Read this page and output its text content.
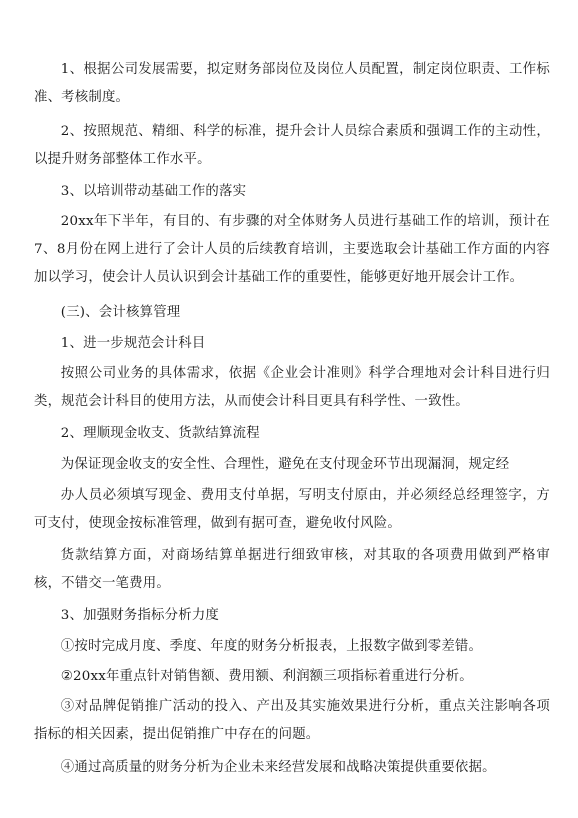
1、根据公司发展需要，拟定财务部岗位及岗位人员配置，制定岗位职责、工作标准、考核制度。

2、按照规范、精细、科学的标准，提升会计人员综合素质和强调工作的主动性，以提升财务部整体工作水平。

3、以培训带动基础工作的落实

20xx年下半年，有目的、有步骤的对全体财务人员进行基础工作的培训，预计在7、8月份在网上进行了会计人员的后续教育培训，主要选取会计基础工作方面的内容加以学习，使会计人员认识到会计基础工作的重要性，能够更好地开展会计工作。

(三)、会计核算管理

1、进一步规范会计科目

按照公司业务的具体需求，依据《企业会计准则》科学合理地对会计科目进行归类，规范会计科目的使用方法，从而使会计科目更具有科学性、一致性。

2、理顺现金收支、货款结算流程

为保证现金收支的安全性、合理性，避免在支付现金环节出现漏洞，规定经

办人员必须填写现金、费用支付单据，写明支付原由，并必须经总经理签字，方可支付，使现金按标准管理，做到有据可查，避免收付风险。

货款结算方面，对商场结算单据进行细致审核，对其取的各项费用做到严格审核，不错交一笔费用。

3、加强财务指标分析力度

①按时完成月度、季度、年度的财务分析报表，上报数字做到零差错。

②20xx年重点针对销售额、费用额、利润额三项指标着重进行分析。

③对品牌促销推广活动的投入、产出及其实施效果进行分析，重点关注影响各项指标的相关因素，提出促销推广中存在的问题。

④通过高质量的财务分析为企业未来经营发展和战略决策提供重要依据。
